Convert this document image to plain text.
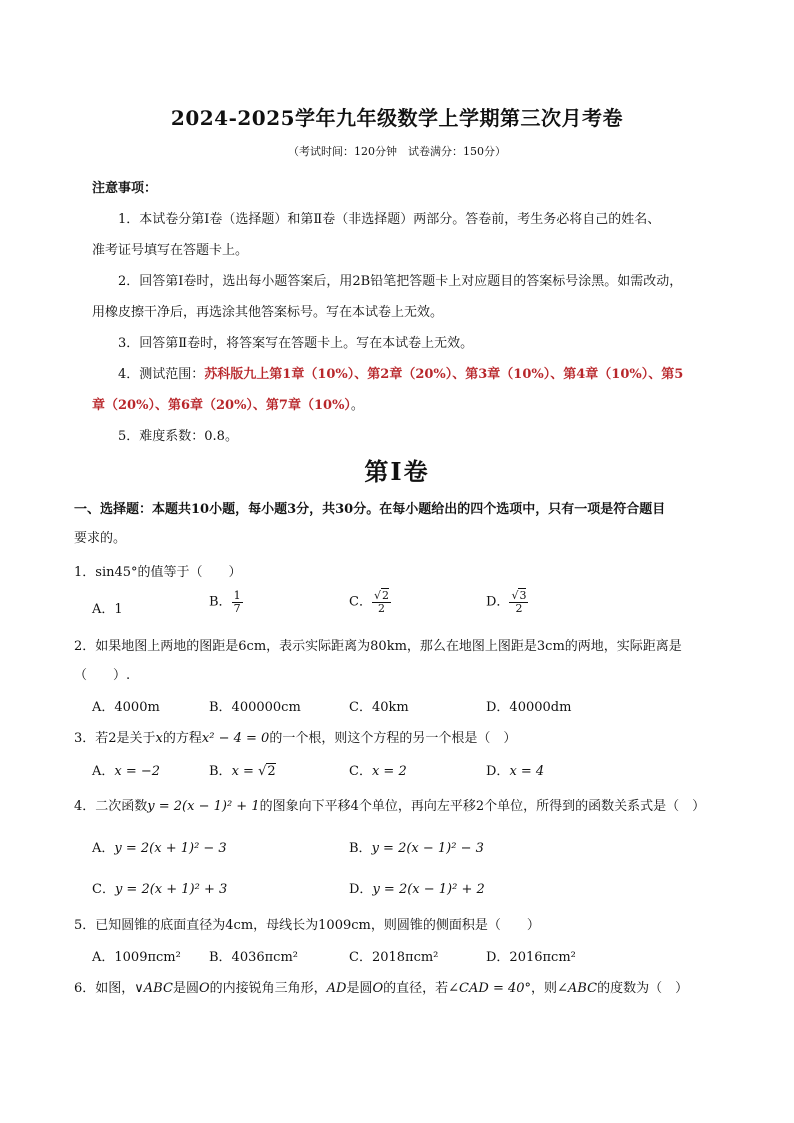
2024-2025学年九年级数学上学期第三次月考卷
（考试时间：120分钟　试卷满分：150分）
注意事项：
1．本试卷分第Ⅰ卷（选择题）和第Ⅱ卷（非选择题）两部分。答卷前，考生务必将自己的姓名、
准考证号填写在答题卡上。
2．回答第Ⅰ卷时，选出每小题答案后，用2B铅笔把答题卡上对应题目的答案标号涂黑。如需改动，
用橡皮擦干净后，再选涂其他答案标号。写在本试卷上无效。
3．回答第Ⅱ卷时，将答案写在答题卡上。写在本试卷上无效。
4．测试范围：苏科版九上第1章（10%）、第2章（20%）、第3章（10%）、第4章（10%）、第5
章（20%）、第6章（20%）、第7章（10%）。
5．难度系数：0.8。
第Ⅰ卷
一、选择题：本题共10小题，每小题3分，共30分。在每小题给出的四个选项中，只有一项是符合题目
要求的。
1．sin45°的值等于（　　）
A．1	B． $\frac{1}{7}$	C． $\frac{√2}{2}$	D． $\frac{√3}{2}$
2．如果地图上两地的图距是6cm，表示实际距离为80km，那么在地图上图距是3cm的两地，实际距离是
（　　）.
A．4000m	B．400000cm	C．40km	D．40000dm
3．若2是关于x的方程x² − 4 = 0的一个根，则这个方程的另一个根是（　）
A．x = −2	B．x = √2	C．x = 2	D．x = 4
4．二次函数y = 2(x − 1)² + 1的图象向下平移4个单位，再向左平移2个单位，所得到的函数关系式是（　）
A．y = 2(x + 1)² − 3	B．y = 2(x − 1)² − 3
C．y = 2(x + 1)² + 3	D．y = 2(x − 1)² + 2
5．已知圆锥的底面直径为4cm，母线长为1009cm，则圆锥的侧面积是（　　）
A．1009πcm² B．4036πcm²	C．2018πcm²	D．2016πcm²
6．如图，∨ABC是圆O的内接锐角三角形，AD是圆O的直径，若∠CAD = 40°，则∠ABC的度数为（　）
